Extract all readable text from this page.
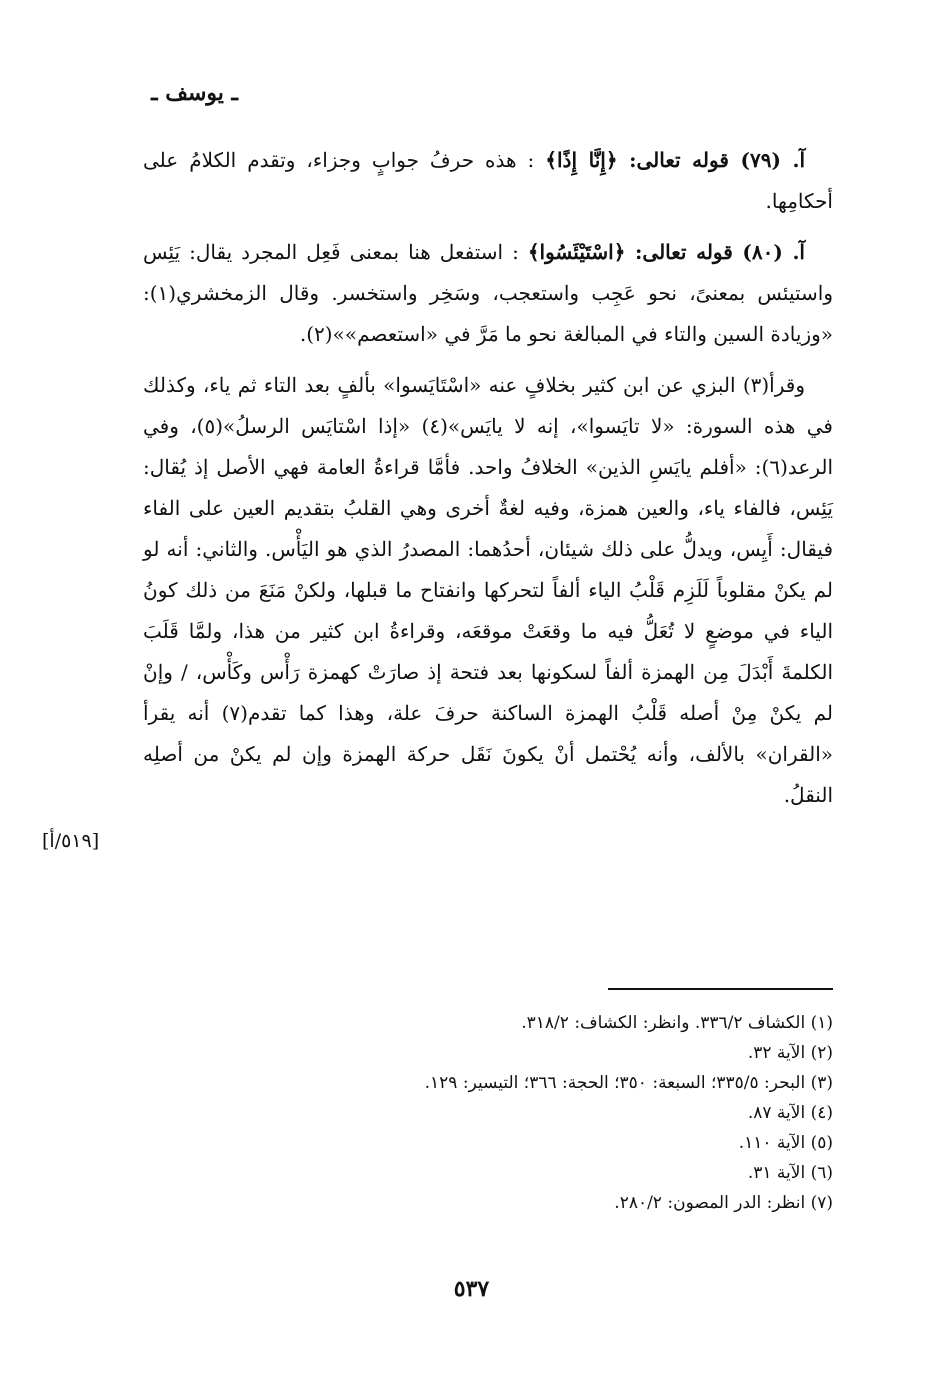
ـ يوسف ـ

آ. (٧٩) قوله تعالى: ﴿إِنَّا إِذًا﴾ : هذه حرفُ جوابٍ وجزاء، وتقدم الكلامُ على أحكامِها.

آ. (٨٠) قوله تعالى: ﴿اسْتَيْئَسُوا﴾ : استفعل هنا بمعنى فَعِل المجرد يقال: يَئِس واستيئس بمعنىً، نحو عَجِب واستعجب، وسَخِر واستخسر. وقال الزمخشري(١): «وزيادة السين والتاء في المبالغة نحو ما مَرَّ في «استعصم»»(٢).

وقرأ(٣) البزي عن ابن كثير بخلافٍ عنه «اسْتَايَسوا» بألفٍ بعد التاء ثم ياء، وكذلك في هذه السورة: «لا تايَسوا»، إنه لا يايَس»(٤) «إذا اسْتايَس الرسلُ»(٥)، وفي الرعد(٦): «أفلم يايَسِ الذين» الخلافُ واحد. فأمَّا قراءةُ العامة فهي الأصل إذ يُقال: يَئِس، فالفاء ياء، والعين همزة، وفيه لغةٌ أخرى وهي القلبُ بتقديم العين على الفاء فيقال: أَيِس، ويدلُّ على ذلك شيئان، أحدُهما: المصدرُ الذي هو اليَأْس. والثاني: أنه لو لم يكنْ مقلوباً لَلَزِم قَلْبُ الياء ألفاً لتحركها وانفتاح ما قبلها، ولكنْ مَنَعَ من ذلك كونُ الياء في موضعٍ لا تُعَلُّ فيه ما وقعَتْ موقعَه، وقراءةُ ابن كثير من هذا، ولمَّا قَلَبَ الكلمةَ أَبْدَلَ مِن الهمزة ألفاً لسكونها بعد فتحة إذ صارَتْ كهمزة رَأْس وكَأْس، / وإنْ لم يكنْ مِنْ أصله قَلْبُ الهمزة الساكنة حرفَ علة، وهذا كما تقدم(٧) أنه يقرأ «القران» بالألف، وأنه يُحْتمل أنْ يكونَ نَقَل حركة الهمزة وإن لم يكنْ من أصلِه النقلُ.

[٥١٩/أ]
(١) الكشاف ٣٣٦/٢. وانظر: الكشاف: ٣١٨/٢.
(٢) الآية ٣٢.
(٣) البحر: ٣٣٥/٥؛ السبعة: ٣٥٠؛ الحجة: ٣٦٦؛ التيسير: ١٢٩.
(٤) الآية ٨٧.
(٥) الآية ١١٠.
(٦) الآية ٣١.
(٧) انظر: الدر المصون: ٢٨٠/٢.
٥٣٧
